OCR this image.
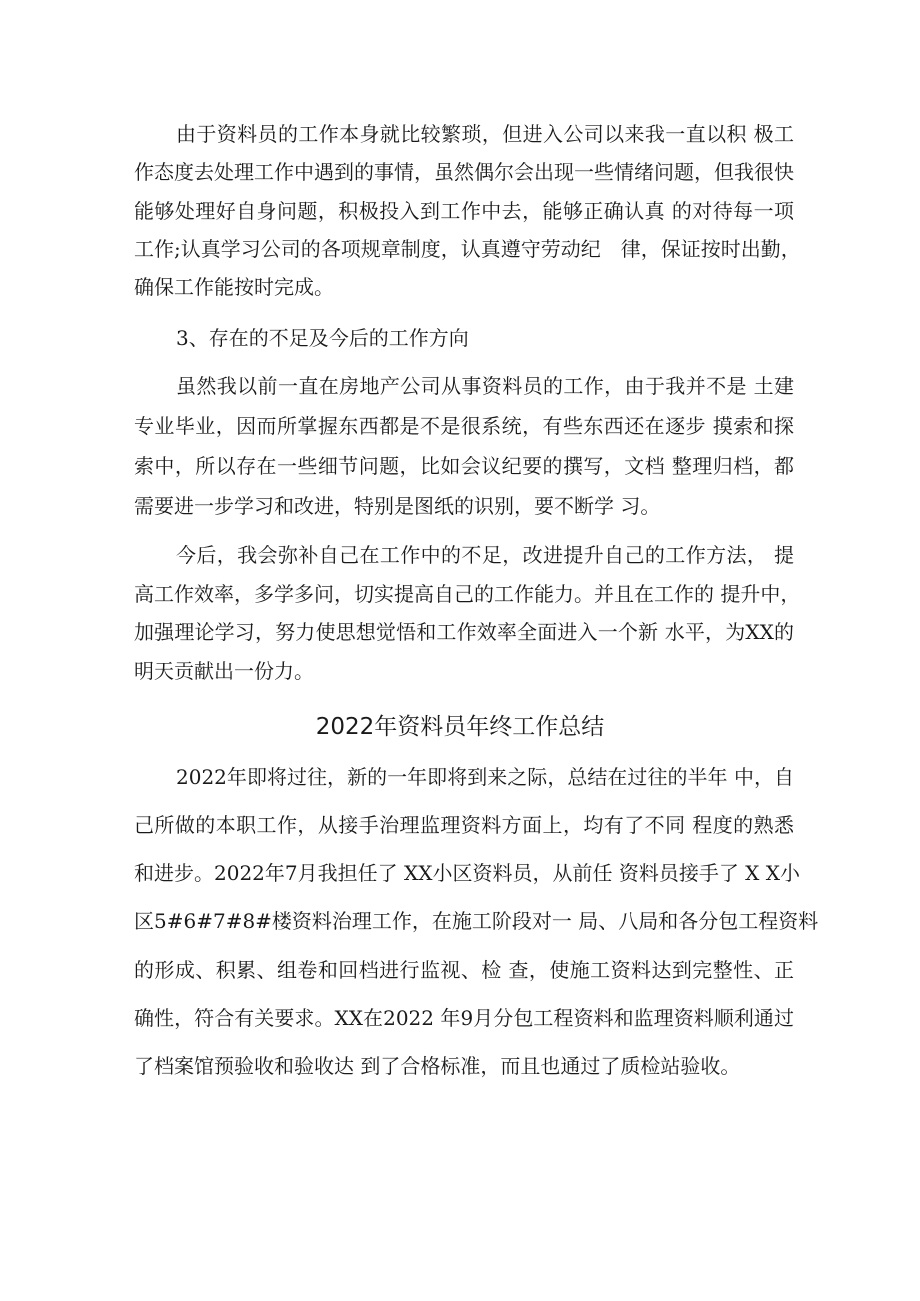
由于资料员的工作本身就比较繁琐，但进入公司以来我一直以积 极工
作态度去处理工作中遇到的事情，虽然偶尔会出现一些情绪问题，但我很快
能够处理好自身问题，积极投入到工作中去，能够正确认真 的对待每一项
工作;认真学习公司的各项规章制度，认真遵守劳动纪　律，保证按时出勤，
确保工作能按时完成。
3、存在的不足及今后的工作方向
虽然我以前一直在房地产公司从事资料员的工作，由于我并不是 土建
专业毕业，因而所掌握东西都是不是很系统，有些东西还在逐步 摸索和探
索中，所以存在一些细节问题，比如会议纪要的撰写，文档 整理归档，都
需要进一步学习和改进，特别是图纸的识别，要不断学 习。
今后，我会弥补自己在工作中的不足，改进提升自己的工作方法， 提
高工作效率，多学多问，切实提高自己的工作能力。并且在工作的 提升中，
加强理论学习，努力使思想觉悟和工作效率全面进入一个新 水平，为XX的
明天贡献出一份力。
2022年资料员年终工作总结
2022年即将过往，新的一年即将到来之际，总结在过往的半年 中，自
己所做的本职工作，从接手治理监理资料方面上，均有了不同 程度的熟悉
和进步。2022年7月我担任了 XX小区资料员，从前任 资料员接手了 X X小
区5#6#7#8#楼资料治理工作，在施工阶段对一 局、八局和各分包工程资料
的形成、积累、组卷和回档进行监视、检 查，使施工资料达到完整性、正
确性，符合有关要求。XX在2022 年9月分包工程资料和监理资料顺利通过
了档案馆预验收和验收达 到了合格标准，而且也通过了质检站验收。
